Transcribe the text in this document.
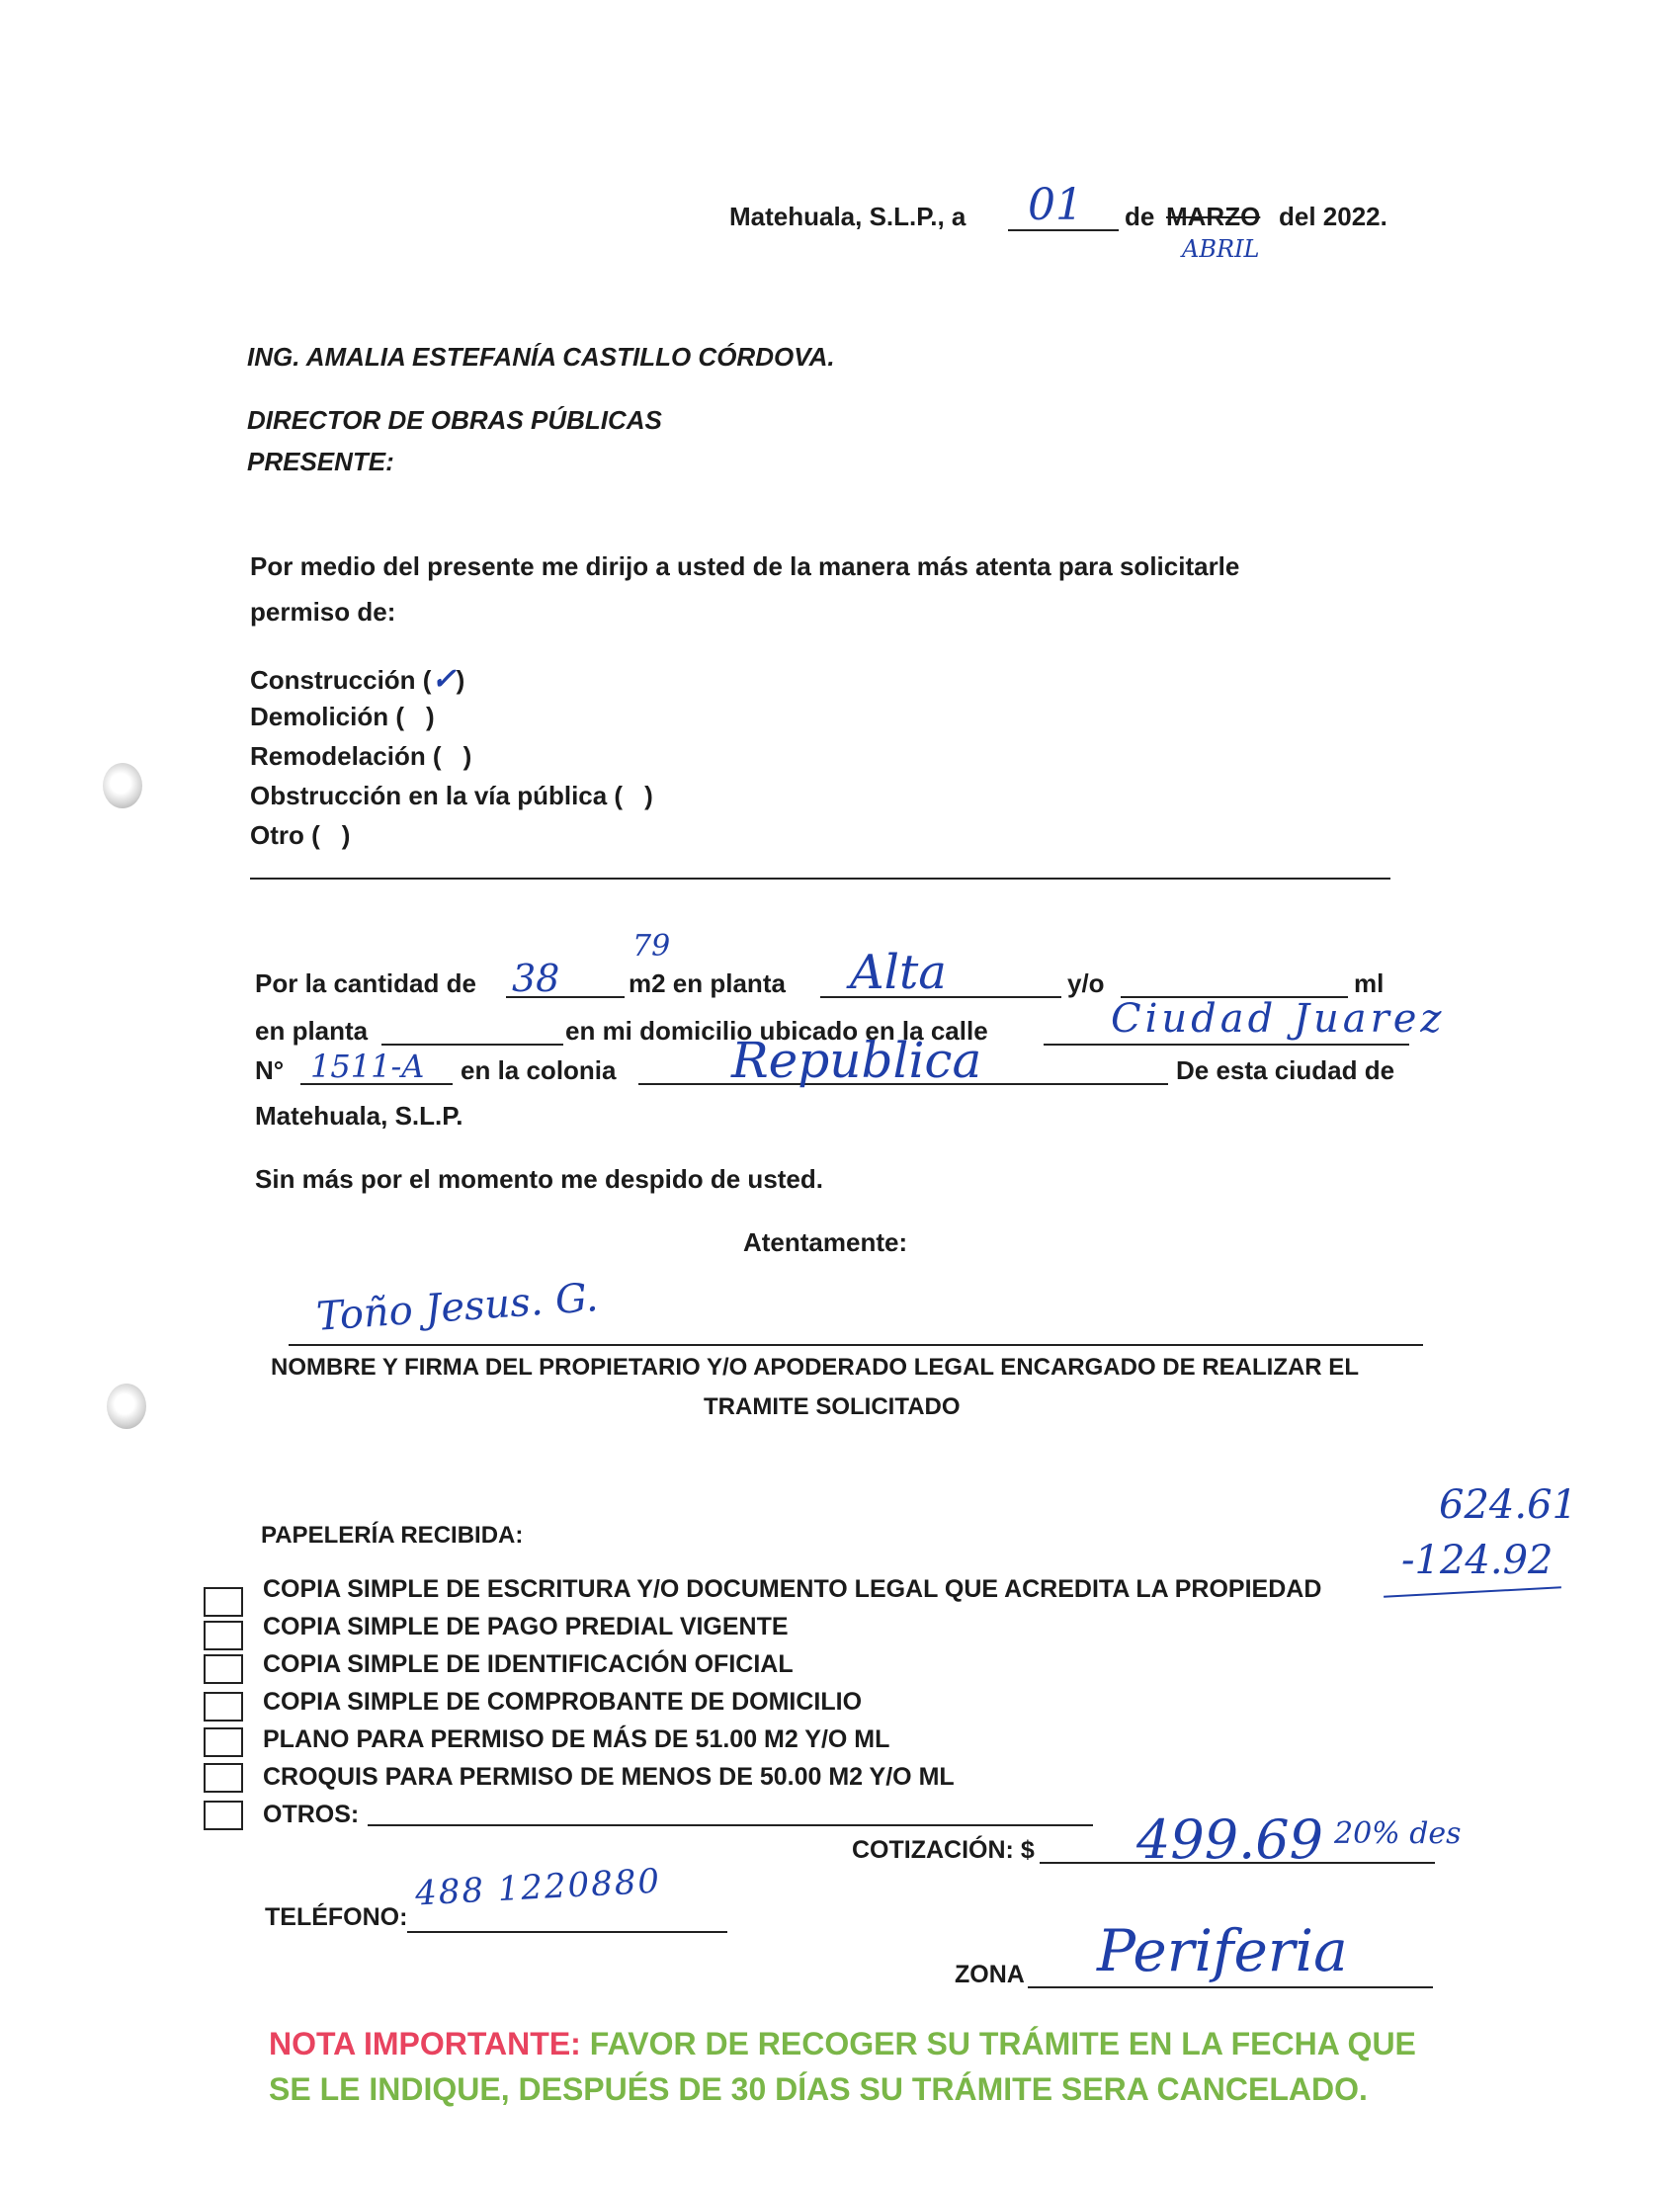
Matehuala, S.L.P., a 01 de MARZO del 2022.
ABRIL
ING. AMALIA ESTEFANÍA CASTILLO CÓRDOVA.
DIRECTOR DE OBRAS PÚBLICAS
PRESENTE:
Por medio del presente me dirijo a usted de la manera más atenta para solicitarle
permiso de:
Construcción (✓)
Demolición ( )
Remodelación ( )
Obstrucción en la vía pública ( )
Otro ( )
Por la cantidad de 38
79
m2 en planta Alta	y/o	ml
en planta	en mi domicilio ubicado en la calle	Ciudad Juarez
N° 1511-A en la colonia Republica	De esta ciudad de
Matehuala, S.L.P.
Sin más por el momento me despido de usted.
Atentamente:
Toño Jesus. G.
NOMBRE Y FIRMA DEL PROPIETARIO Y/O APODERADO LEGAL ENCARGADO DE REALIZAR EL
TRAMITE SOLICITADO
PAPELERÍA RECIBIDA:
COPIA SIMPLE DE ESCRITURA Y/O DOCUMENTO LEGAL QUE ACREDITA LA PROPIEDAD
COPIA SIMPLE DE PAGO PREDIAL VIGENTE
COPIA SIMPLE DE IDENTIFICACIÓN OFICIAL
COPIA SIMPLE DE COMPROBANTE DE DOMICILIO
PLANO PARA PERMISO DE MÁS DE 51.00 M2 Y/O ML
CROQUIS PARA PERMISO DE MENOS DE 50.00 M2 Y/O ML
OTROS:
624.61
-124.92
COTIZACIÓN: $ 499.69 20% des
TELÉFONO:
488 1220880
ZONA Periferia
NOTA IMPORTANTE: FAVOR DE RECOGER SU TRÁMITE EN LA FECHA QUE
SE LE INDIQUE, DESPUÉS DE 30 DÍAS SU TRÁMITE SERA CANCELADO.
